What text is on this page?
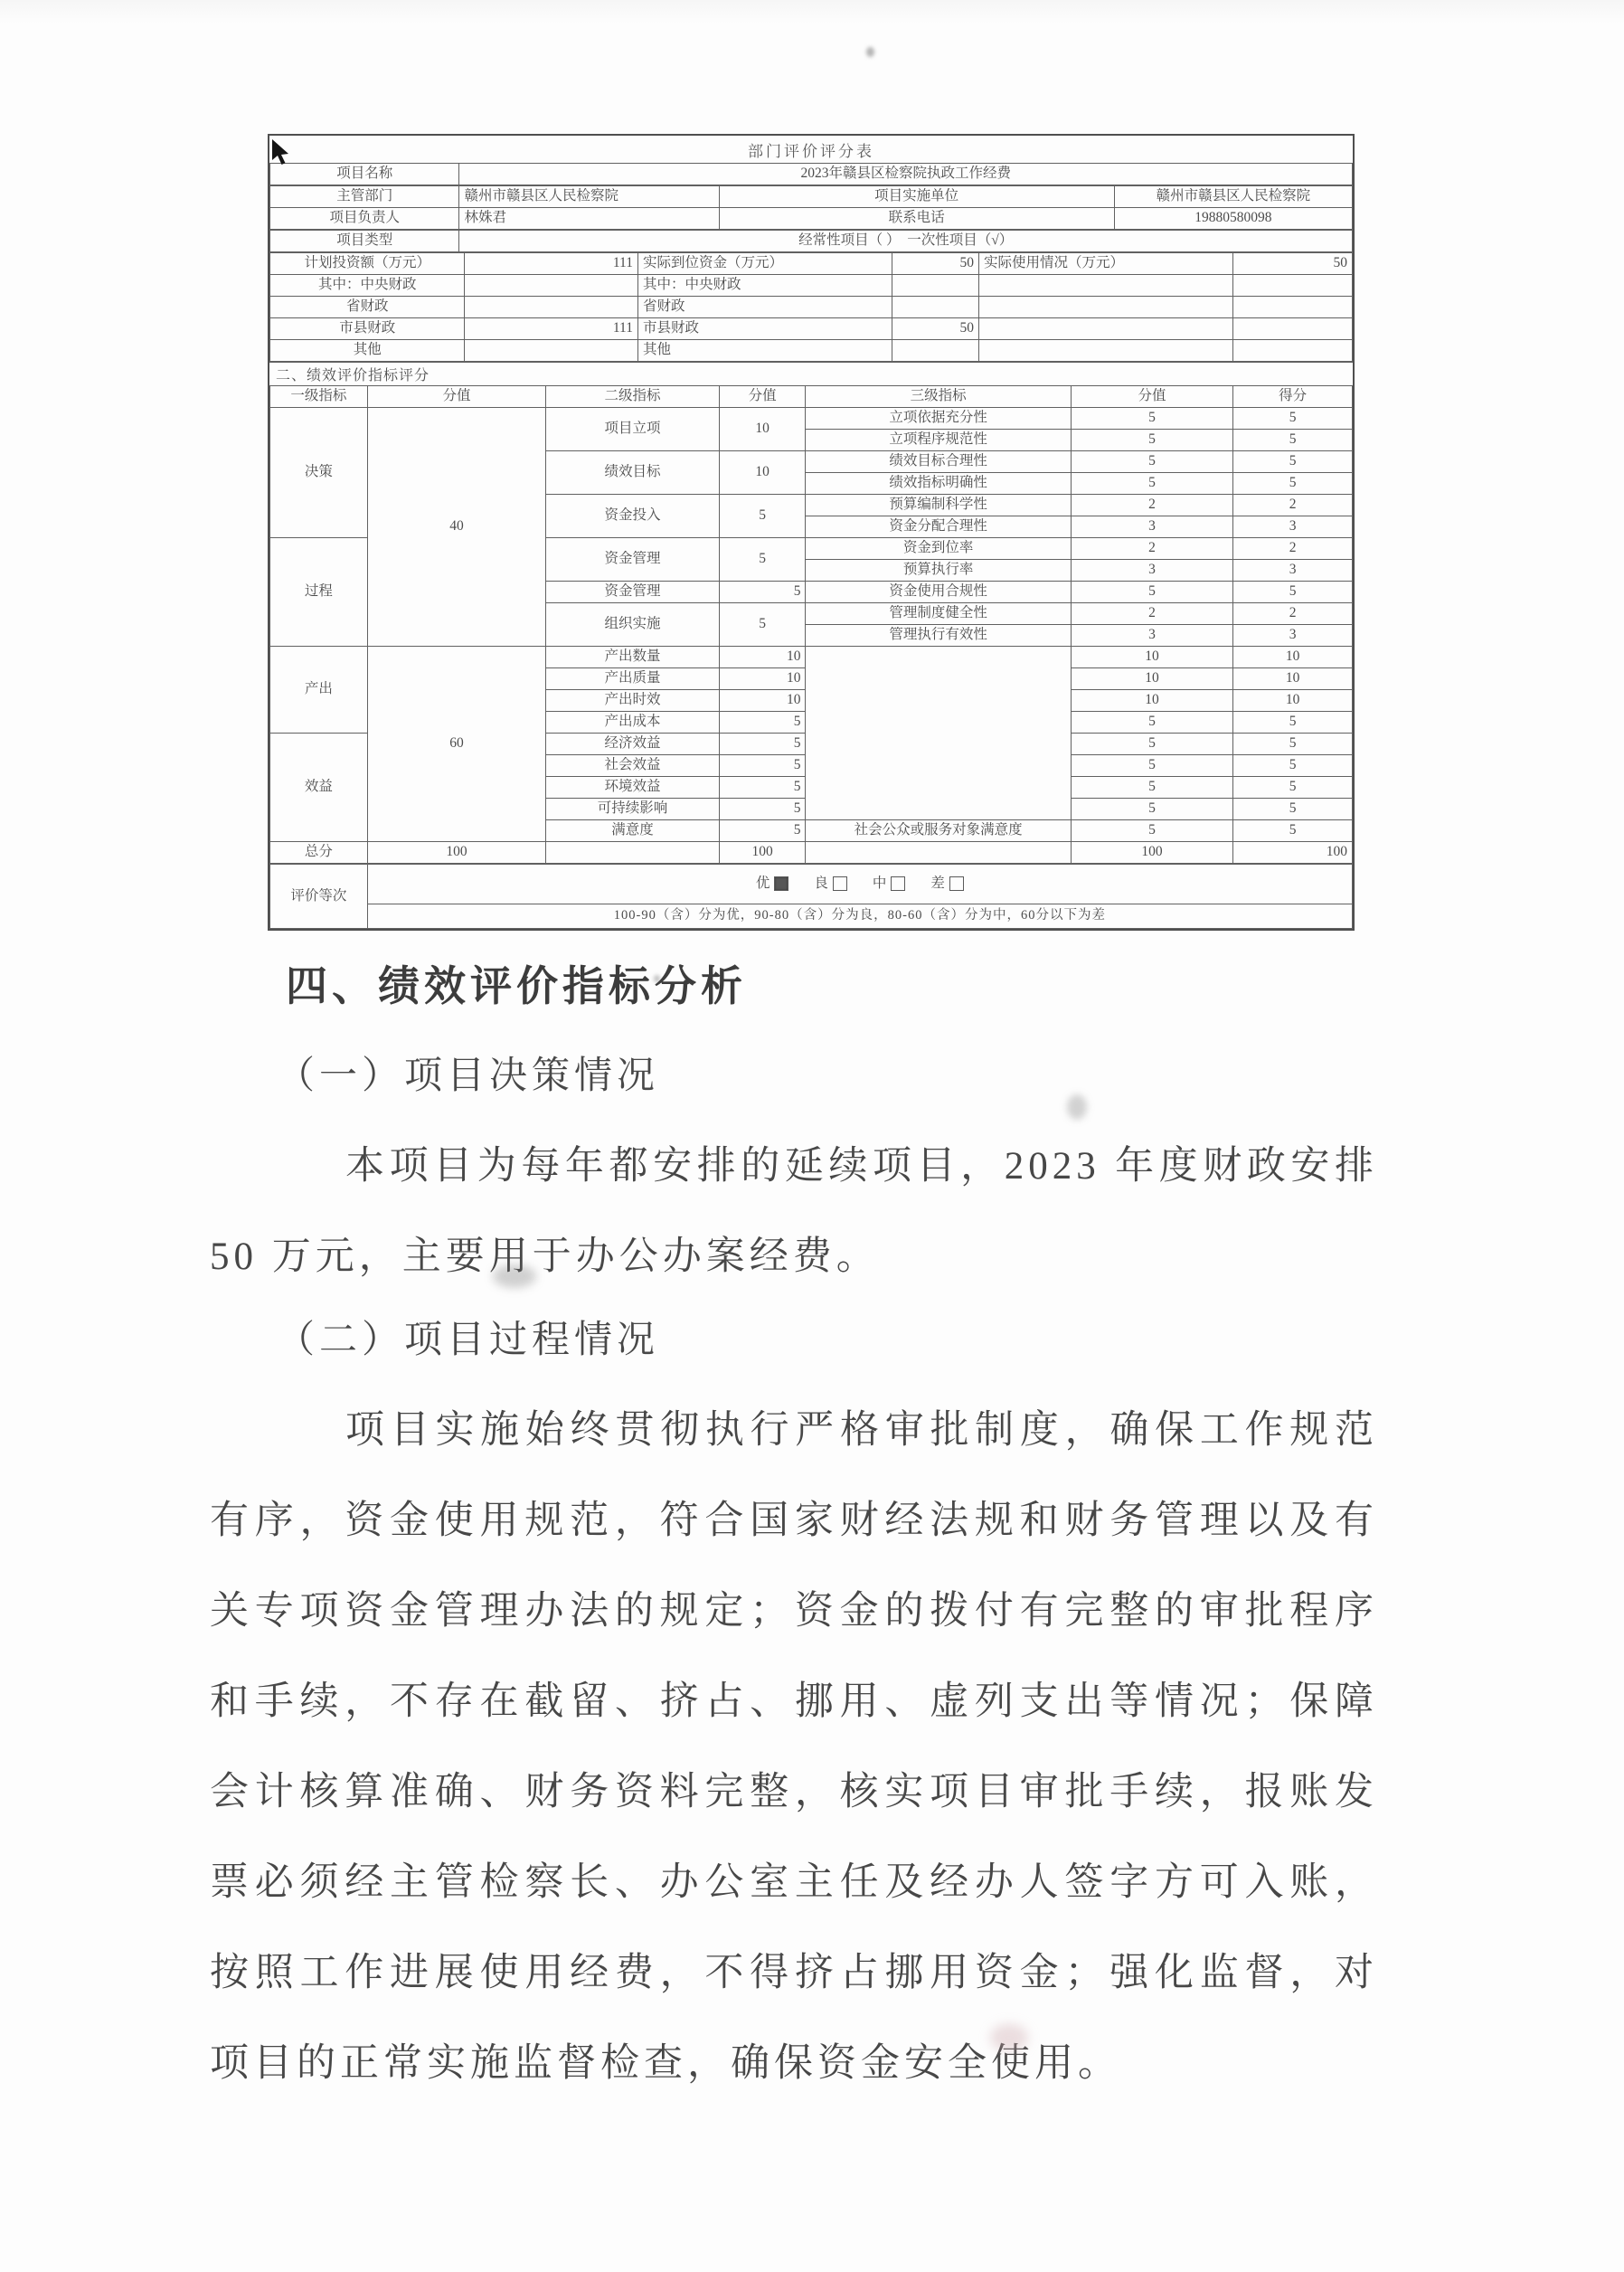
部门评价评分表
项目名称	2023年赣县区检察院执政工作经费
主管部门	赣州市赣县区人民检察院	项目实施单位	赣州市赣县区人民检察院
项目负责人	林姝君	联系电话	19880580098
项目类型	经常性项目（ ）　一次性项目（√）
计划投资额（万元）	111	实际到位资金（万元）	50	实际使用情况（万元）	50
其中：中央财政		其中：中央财政			
省财政		省财政			
市县财政	111	市县财政	50		
其他		其他			
二、绩效评价指标评分
一级指标	分值	二级指标	分值	三级指标	分值	得分
决策	40	项目立项	10	立项依据充分性	5	5
				立项程序规范性	5	5
		绩效目标	10	绩效目标合理性	5	5
				绩效指标明确性	5	5
		资金投入	5	预算编制科学性	2	2
				资金分配合理性	3	3
过程		资金管理	5	资金到位率	2	2
				预算执行率	3	3
		资金管理	5	资金使用合规性	5	5
		组织实施	5	管理制度健全性	2	2
				管理执行有效性	3	3
产出	60	产出数量	10		10	10
		产出质量	10		10	10
		产出时效	10		10	10
		产出成本	5		5	5
效益		经济效益	5		5	5
		社会效益	5		5	5
		环境效益	5		5	5
		可持续影响	5		5	5
		满意度	5	社会公众或服务对象满意度	5	5
总分	100		100		100	100
评价等次	
优	良	中	差

100-90（含）分为优，90-80（含）分为良，80-60（含）分为中，60分以下为差
四、绩效评价指标分析
（一）项目决策情况
本项目为每年都安排的延续项目，2023 年度财政安排 50 万元，主要用于办公办案经费。
（二）项目过程情况
项目实施始终贯彻执行严格审批制度，确保工作规范有序，资金使用规范，符合国家财经法规和财务管理以及有关专项资金管理办法的规定；资金的拨付有完整的审批程序和手续，不存在截留、挤占、挪用、虚列支出等情况；保障会计核算准确、财务资料完整，核实项目审批手续，报账发票必须经主管检察长、办公室主任及经办人签字方可入账，按照工作进展使用经费，不得挤占挪用资金；强化监督，对项目的正常实施监督检查，确保资金安全使用。
